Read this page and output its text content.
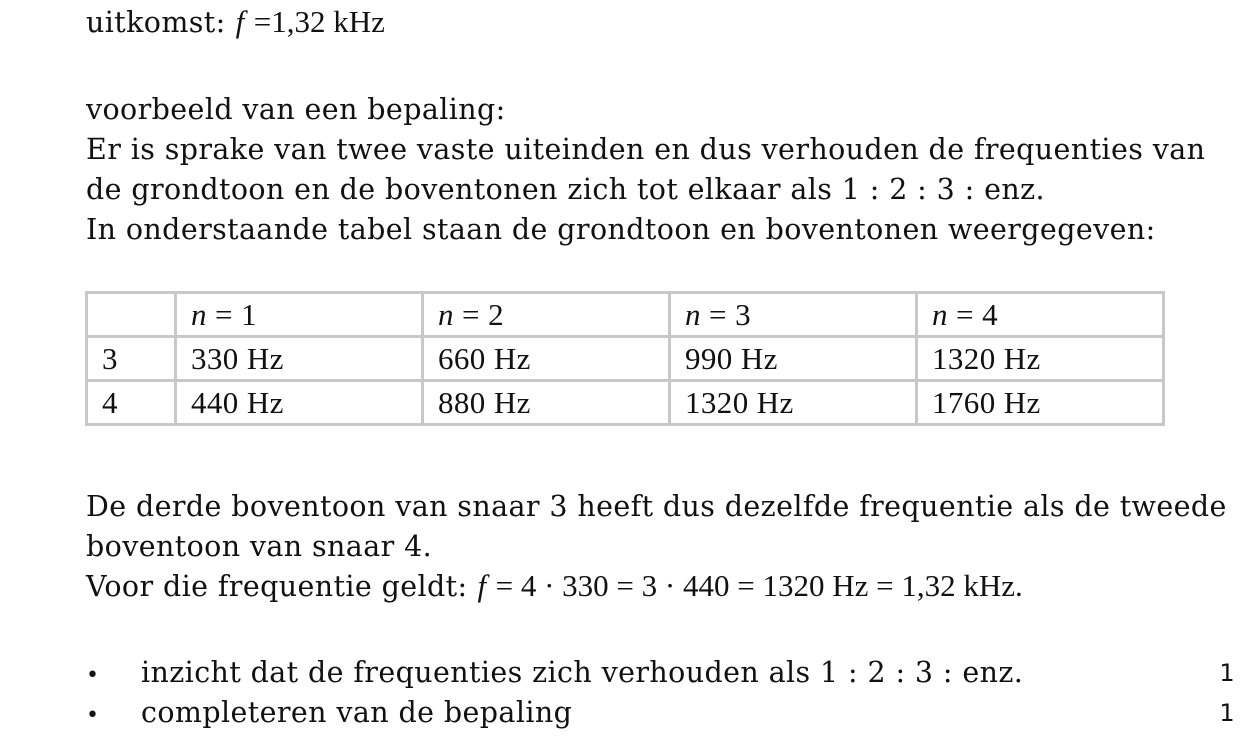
uitkomst: f =1,32 kHz
voorbeeld van een bepaling:
Er is sprake van twee vaste uiteinden en dus verhouden de frequenties van
de grondtoon en de boventonen zich tot elkaar als 1 : 2 : 3 : enz.
In onderstaande tabel staan de grondtoon en boventonen weergegeven:
	n = 1	n = 2	n = 3	n = 4
3	330 Hz	660 Hz	990 Hz	1320 Hz
4	440 Hz	880 Hz	1320 Hz	1760 Hz
De derde boventoon van snaar 3 heeft dus dezelfde frequentie als de tweede
boventoon van snaar 4.
Voor die frequentie geldt: f = 4 · 330 = 3 · 440 = 1320 Hz = 1,32 kHz.
• inzicht dat de frequenties zich verhouden als 1 : 2 : 3 : enz.	1
• completeren van de bepaling	1
